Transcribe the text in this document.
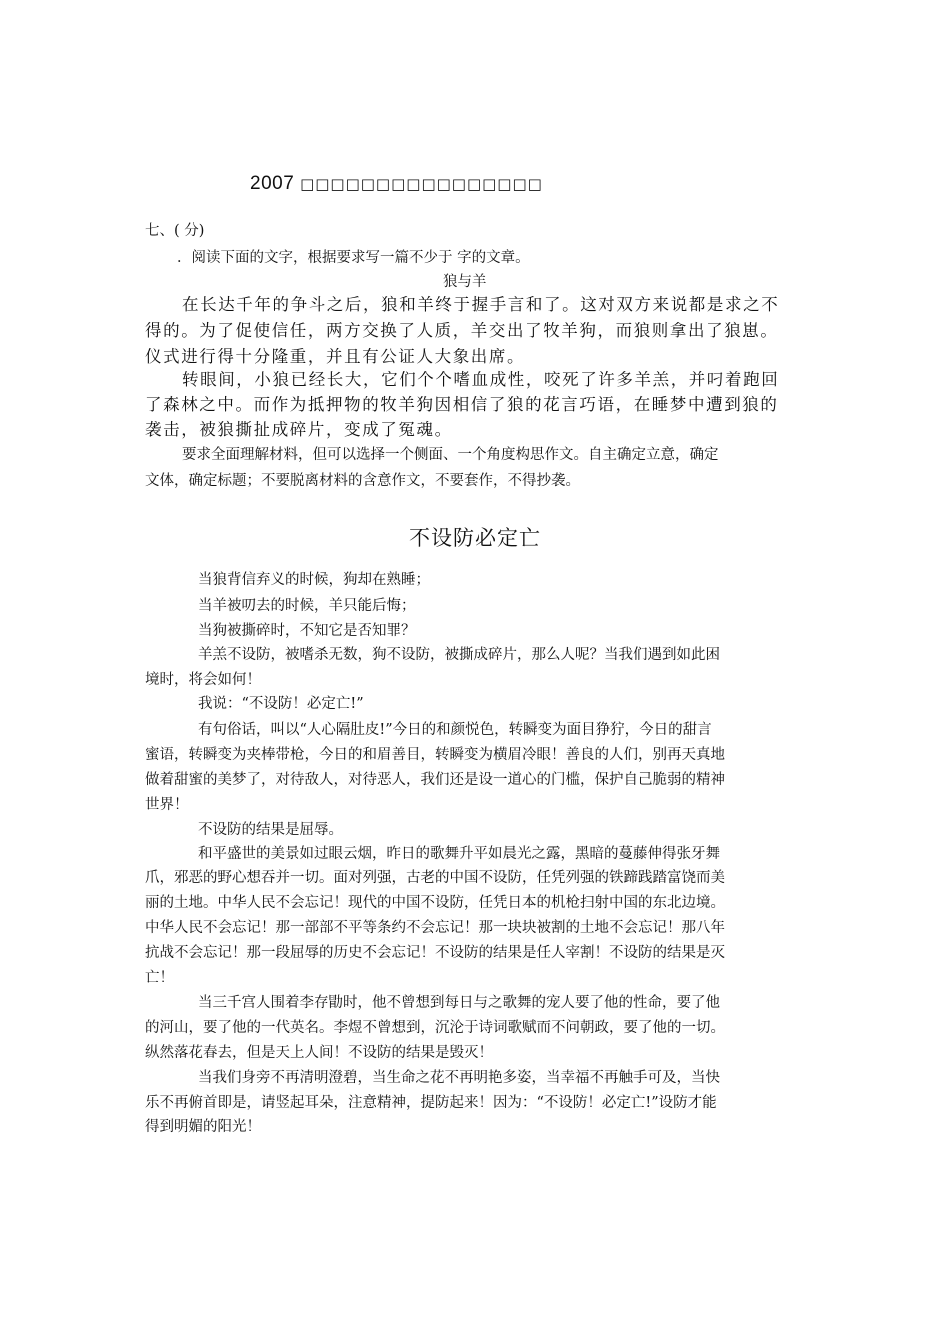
2007 □□□□□□□□□□□□□□□□
七、( 分)
．阅读下面的文字，根据要求写一篇不少于 字的文章。
狼与羊
在长达千年的争斗之后，狼和羊终于握手言和了。这对双方来说都是求之不
得的。为了促使信任，两方交换了人质，羊交出了牧羊狗，而狼则拿出了狼崽。
仪式进行得十分隆重，并且有公证人大象出席。
转眼间，小狼已经长大，它们个个嗜血成性，咬死了许多羊羔，并叼着跑回
了森林之中。而作为抵押物的牧羊狗因相信了狼的花言巧语，在睡梦中遭到狼的
袭击，被狼撕扯成碎片，变成了冤魂。
要求全面理解材料，但可以选择一个侧面、一个角度构思作文。自主确定立意，确定
文体，确定标题；不要脱离材料的含意作文，不要套作，不得抄袭。
不设防必定亡
当狼背信弃义的时候，狗却在熟睡；
当羊被叨去的时候，羊只能后悔；
当狗被撕碎时，不知它是否知罪？
羊羔不设防，被嗜杀无数，狗不设防，被撕成碎片，那么人呢？当我们遇到如此困
境时，将会如何！
我说：“不设防！必定亡!”
有句俗话，叫以“人心隔肚皮!”今日的和颜悦色，转瞬变为面目狰狞，今日的甜言
蜜语，转瞬变为夹棒带枪，今日的和眉善目，转瞬变为横眉冷眼！善良的人们，别再天真地
做着甜蜜的美梦了，对待敌人，对待恶人，我们还是设一道心的门槛，保护自己脆弱的精神
世界！
不设防的结果是屈辱。
和平盛世的美景如过眼云烟，昨日的歌舞升平如晨光之露，黑暗的蔓藤伸得张牙舞
爪，邪恶的野心想吞并一切。面对列强，古老的中国不设防，任凭列强的铁蹄践踏富饶而美
丽的土地。中华人民不会忘记！现代的中国不设防，任凭日本的机枪扫射中国的东北边境。
中华人民不会忘记！那一部部不平等条约不会忘记！那一块块被割的土地不会忘记！那八年
抗战不会忘记！那一段屈辱的历史不会忘记！不设防的结果是任人宰割！不设防的结果是灭
亡！
当三千宫人围着李存勖时，他不曾想到每日与之歌舞的宠人要了他的性命，要了他
的河山，要了他的一代英名。李煜不曾想到，沉沦于诗词歌赋而不问朝政，要了他的一切。
纵然落花春去，但是天上人间！不设防的结果是毁灭！
当我们身旁不再清明澄碧，当生命之花不再明艳多姿，当幸福不再触手可及，当快
乐不再俯首即是，请竖起耳朵，注意精神，提防起来！因为：“不设防！必定亡!”设防才能
得到明媚的阳光！
